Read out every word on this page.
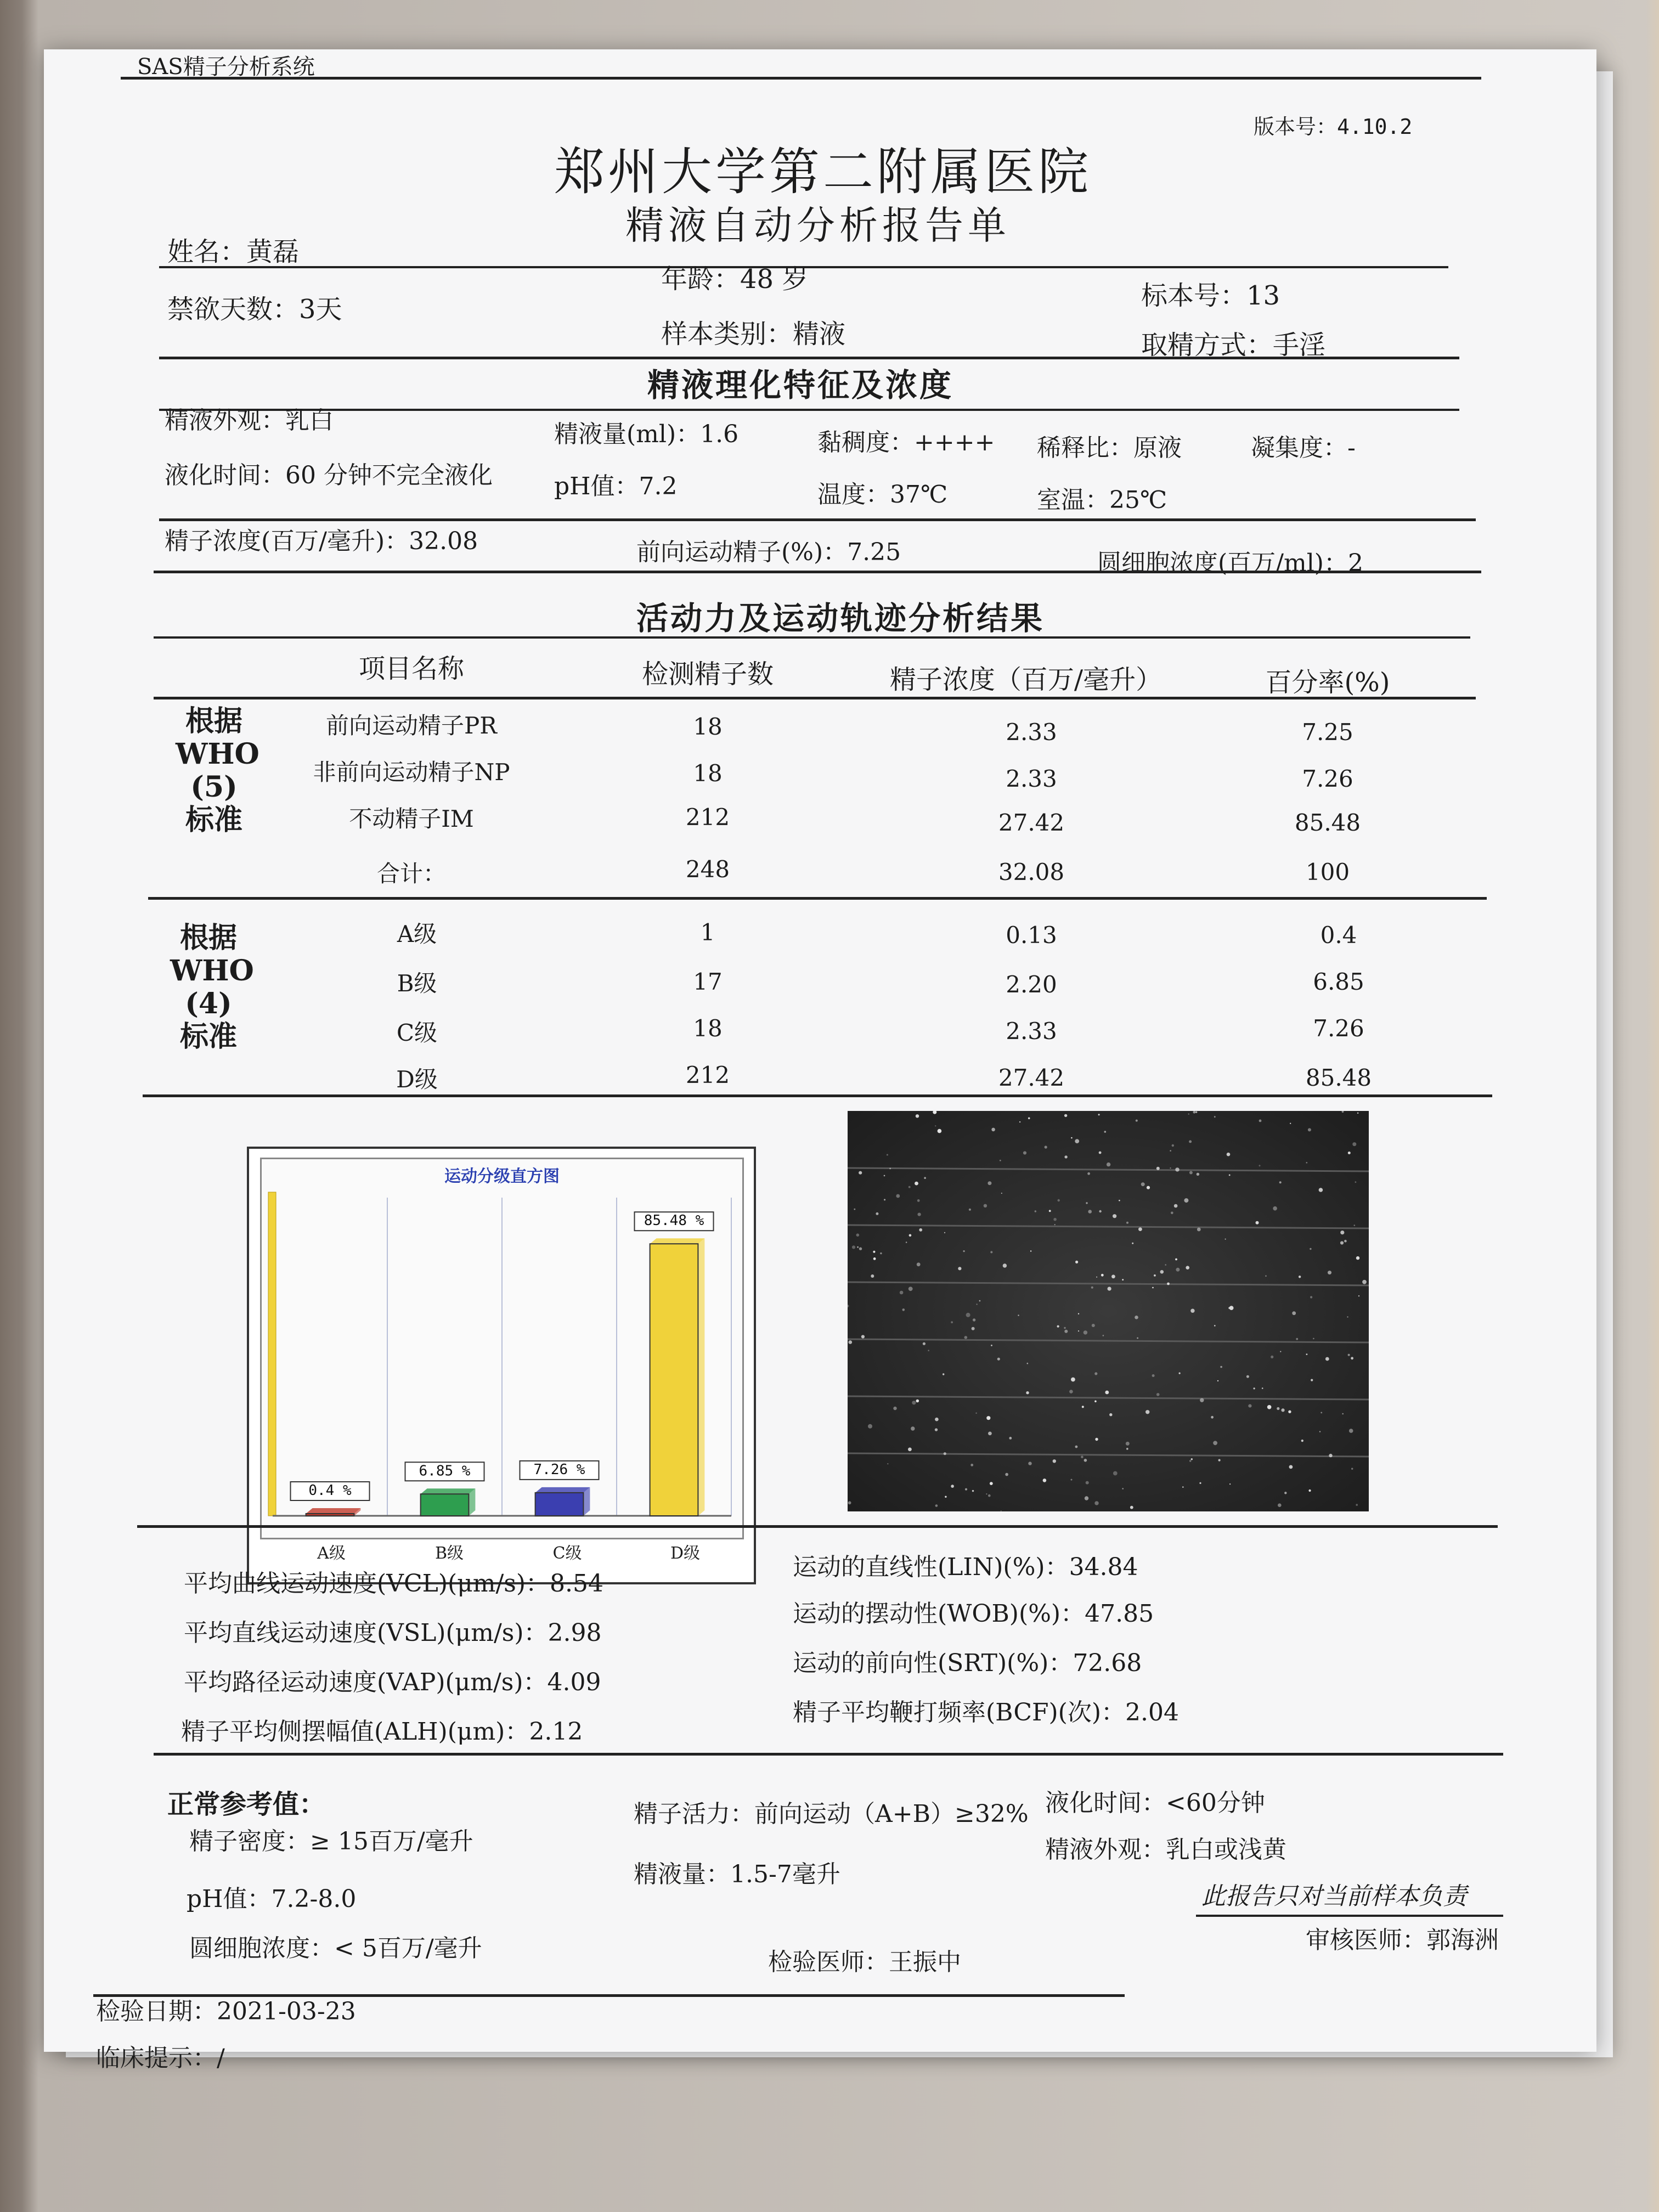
SAS精子分析系统
版本号：4.10.2
郑州大学第二附属医院
精液自动分析报告单
姓名：黄磊
年龄：48 岁
标本号：13
禁欲天数：3天
样本类别：精液	取精方式：手淫
精液理化特征及浓度
精液外观：乳白	精液量(ml)：1.6	黏稠度：++++ 稀释比：原液	凝集度：-
液化时间：60 分钟不完全液化	pH值：7.2	温度：37℃	室温：25℃
精子浓度(百万/毫升)：32.08	前向运动精子(%)：7.25	圆细胞浓度(百万/ml)：2
活动力及运动轨迹分析结果
项目名称	检测精子数	精子浓度（百万/毫升）	百分率(%)
根据
WHO
(5)
标准
前向运动精子PR	18	2.33	7.25
非前向运动精子NP	18	2.33	7.26
不动精子IM	212	27.42	85.48
合计：	248	32.08	100
根据
WHO
(4)
标准
A级	1	0.13	0.4
B级	17	2.20	6.85
C级	18	2.33	7.26
D级	212	27.42	85.48
运动分级直方图
0.4 %
6.85 %	7.26 %
85.48 %
A级	B级	C级	D级
平均曲线运动速度(VCL)(μm/s)：8.54
平均直线运动速度(VSL)(μm/s)：2.98
平均路径运动速度(VAP)(μm/s)：4.09
精子平均侧摆幅值(ALH)(μm)：2.12
运动的直线性(LIN)(%)：34.84
运动的摆动性(WOB)(%)：47.85
运动的前向性(SRT)(%)：72.68
精子平均鞭打频率(BCF)(次)：2.04
正常参考值：
精子密度：≥ 15百万/毫升
pH值：7.2-8.0
圆细胞浓度：< 5百万/毫升
精子活力：前向运动（A+B）≥32%
精液量：1.5-7毫升
液化时间：<60分钟
精液外观：乳白或浅黄
此报告只对当前样本负责
检验医师：王振中
审核医师：郭海洲
检验日期：2021-03-23
临床提示：/
